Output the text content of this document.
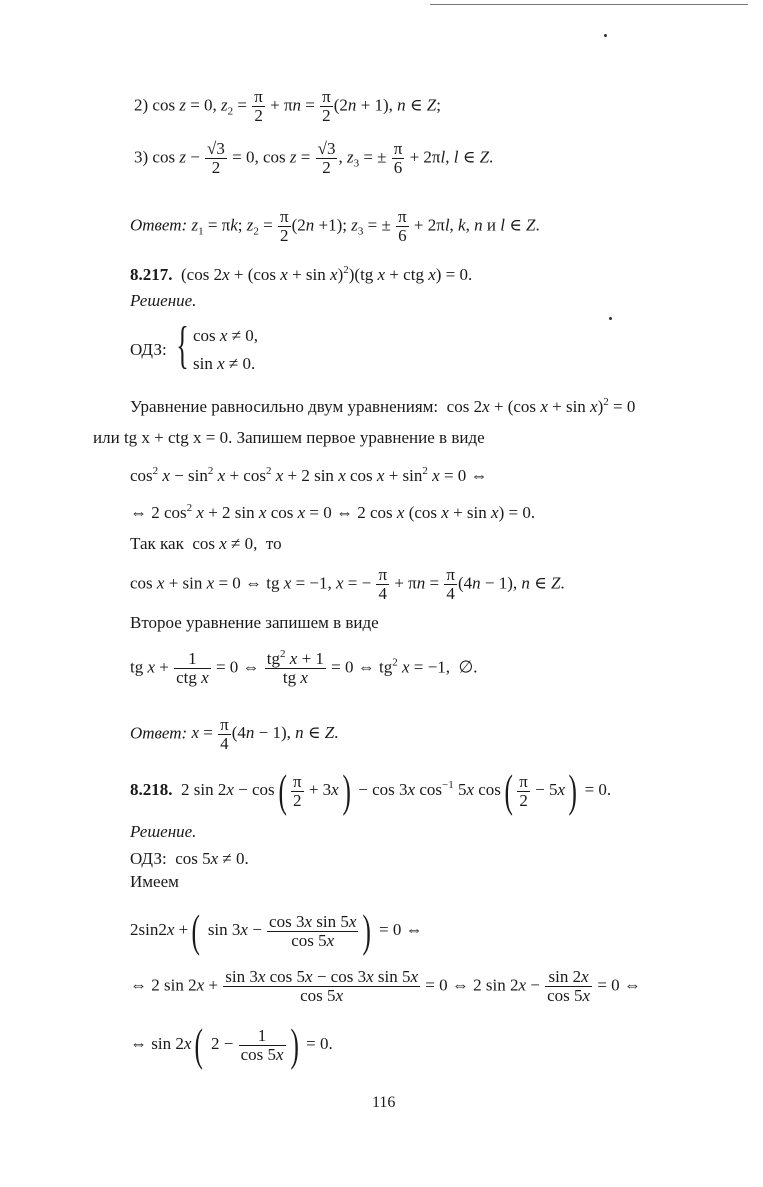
2) cos z = 0, $z_2 = \frac{\pi}{2} + \pi n = \frac{\pi}{2} (2n + 1)$, n ∈ Z;
3) $\cos z - \frac{√3}{2} = 0$, $\cos z = \frac{√3}{2}$ , $z_3$ = ± $\frac{\pi}{6} + 2\pi l$, l ∈ Z.
Ответ: $z_1 = \pi k$; $z_2 = \frac{\pi}{2} (2n +1)$; $z_3$ = ± $\frac{\pi}{6} + 2\pi l$, k, n и l ∈ Z.
8.217.  (cos 2x + (cos x + sin x)$^2$)(tg x + ctg x) = 0.
Решение.
ОДЗ: { cos x ≠ 0,
sin x ≠ 0.
Уравнение равносильно двум уравнениям:  cos 2x + (cos x + sin x)$^2$ = 0
или tg x + ctg x = 0. Запишем первое уравнение в виде
$\cos^2 x - \sin^2 x + \cos^2 x + 2$ sin x $\cos x + \sin^2 x = 0$ ⇔
⇔ 2 $\cos^2 x + 2$ sin x cos x = 0 ⇔ 2 cos x (cos x + sin x) = 0.
Так как  cos x ≠ 0,  то
cos x + sin x = 0 ⇔ tg x = −1, x = − $\frac{\pi}{4} + \pi n = \frac{\pi}{4} (4n - 1)$, n ∈ Z.
Второе уравнение запишем в виде
tg $x + \frac{1}{\text{ctg x}} = 0$ ⇔ $\frac{tg^2 x + 1}{\text{tg x}} = 0$ ⇔ $tg^2$ x = −1,  ∅.
Ответ: $x = \frac{\pi}{4} (4n - 1)$, n ∈ Z.
8.218.  2 $\sin 2x - \cos( \frac{\pi}{2} + 3x) - \cos 3x$ $\cos^{-1} 5x$ $\cos( \frac{\pi}{2} - 5x) = 0$.
Решение.
ОДЗ:  cos 5x ≠ 0.
Имеем
2sin2x +( $\sin 3x - \frac{\text{cos 3x sin 5x}}{\cos 5x}$ ) = 0 ⇔
⇔ 2 $\sin 2x + \frac{\text{sin 3x cos 5x − cos 3x sin 5x}}{\cos 5x} = 0$ ⇔ 2 $\sin 2x - \frac{\sin 2x}{\cos 5x} = 0$ ⇔
⇔ sin 2x( $2 - \frac{1}{\cos 5x}$ ) = 0.
116
